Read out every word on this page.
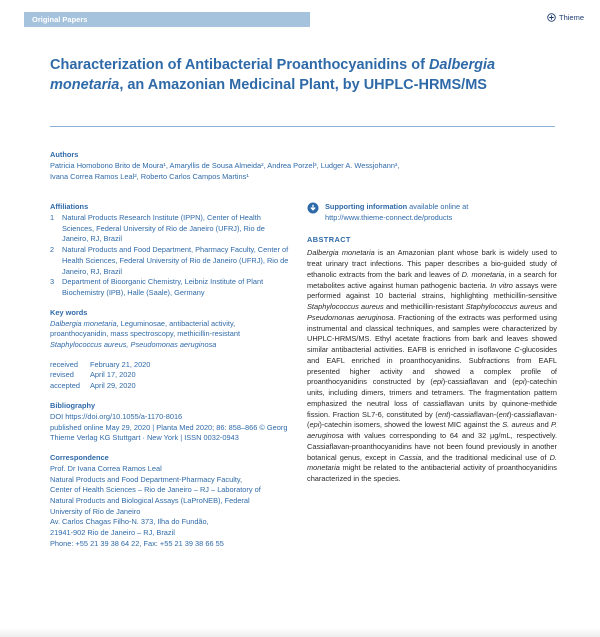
Original Papers	Thieme
Characterization of Antibacterial Proanthocyanidins of Dalbergia monetaria, an Amazonian Medicinal Plant, by UHPLC-HRMS/MS
Authors
Patricia Homobono Brito de Moura¹, Amaryllis de Sousa Almeida², Andrea Porzel³, Ludger A. Wessjohann³,
Ivana Correa Ramos Leal², Roberto Carlos Campos Martins¹
Affiliations
1 Natural Products Research Institute (IPPN), Center of Health Sciences, Federal University of Rio de Janeiro (UFRJ), Rio de Janeiro, RJ, Brazil
2 Natural Products and Food Department, Pharmacy Faculty, Center of Health Sciences, Federal University of Rio de Janeiro (UFRJ), Rio de Janeiro, RJ, Brazil
3 Department of Bioorganic Chemistry, Leibniz Institute of Plant Biochemistry (IPB), Halle (Saale), Germany
Key words
Dalbergia monetaria, Leguminosae, antibacterial activity, proanthocyanidin, mass spectroscopy, methicillin-resistant Staphylococcus aureus, Pseudomonas aeruginosa
received	February 21, 2020
revised	April 17, 2020
accepted	April 29, 2020
Bibliography
DOI https://doi.org/10.1055/a-1170-8016
published online May 29, 2020 | Planta Med 2020; 86: 858–866 © Georg Thieme Verlag KG Stuttgart · New York | ISSN 0032-0943
Correspondence
Prof. Dr Ivana Correa Ramos Leal
Natural Products and Food Department-Pharmacy Faculty,
Center of Health Sciences – Rio de Janeiro – RJ – Laboratory of
Natural Products and Biological Assays (LaProNEB), Federal
University of Rio de Janeiro
Av. Carlos Chagas Filho-N. 373, Ilha do Fundão,
21941-902 Rio de Janeiro – RJ, Brazil
Phone: +55 21 39 38 64 22, Fax: +55 21 39 38 66 55
Supporting information available online at
http://www.thieme-connect.de/products
ABSTRACT
Dalbergia monetaria is an Amazonian plant whose bark is widely used to treat urinary tract infections. This paper describes a bio-guided study of ethanolic extracts from the bark and leaves of D. monetaria, in a search for metabolites active against human pathogenic bacteria. In vitro assays were performed against 10 bacterial strains, highlighting methicillin-sensitive Staphylococcus aureus and methicillin-resistant Staphylococcus aureus and Pseudomonas aeruginosa. Fractioning of the extracts was performed using instrumental and classical techniques, and samples were characterized by UHPLC-HRMS/MS. Ethyl acetate fractions from bark and leaves showed similar antibacterial activities. EAFB is enriched in isoflavone C-glucosides and EAFL enriched in proanthocyanidins. Subfractions from EAFL presented higher activity and showed a complex profile of proanthocyanidins constructed by (epi)-cassiaflavan and (epi)-catechin units, including dimers, trimers and tetramers. The fragmentation pattern emphasized the neutral loss of cassiaflavan units by quinone-methide fission. Fraction SL7-6, constituted by (ent)-cassiaflavan-(ent)-cassiaflavan-(epi)-catechin isomers, showed the lowest MIC against the S. aureus and P. aeruginosa with values corresponding to 64 and 32 µg/mL, respectively. Cassiaflavan-proanthocyanidins have not been found previously in another botanical genus, except in Cassia, and the traditional medicinal use of D. monetaria might be related to the antibacterial activity of proanthocyanidins characterized in the species.
